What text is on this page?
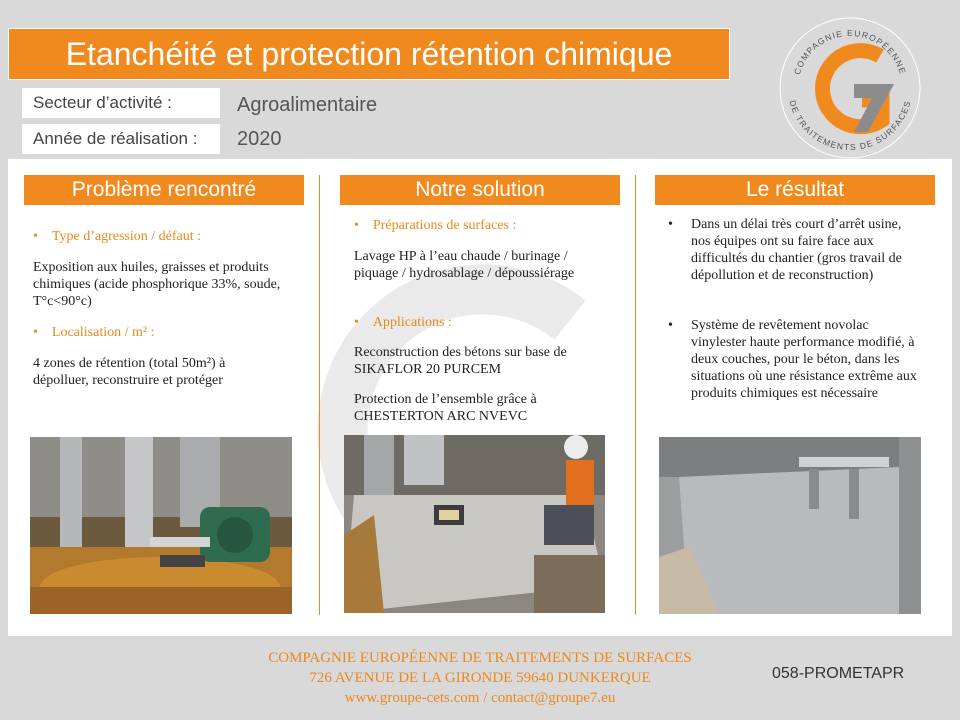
Etanchéité et protection rétention chimique
Secteur d’activité :	Agroalimentaire
Année de réalisation :	2020
COMPAGNIE EUROPÉENNE
DE TRAITEMENTS DE SURFACES
Problème rencontré	Notre solution	Le résultat
• Type d’agression / défaut :
Exposition aux huiles, graisses et produits chimiques (acide phosphorique 33%, soude, T°c<90°c)
• Localisation / m² :
4 zones de rétention (total 50m²) à dépolluer, reconstruire et protéger
• Préparations de surfaces :
Lavage HP à l’eau chaude / burinage / piquage / hydrosablage / dépoussiérage
• Applications :
Reconstruction des bétons sur base de SIKAFLOR 20 PURCEM
Protection de l’ensemble grâce à CHESTERTON ARC NVEVC
•	Dans un délai très court d’arrêt usine, nos équipes ont su faire face aux difficultés du chantier (gros travail de dépollution et de reconstruction)
•	Système de revêtement novolac vinylester haute performance modifié, à deux couches, pour le béton, dans les situations où une résistance extrême aux produits chimiques est nécessaire
COMPAGNIE EUROPÉENNE DE TRAITEMENTS DE SURFACES
726 AVENUE DE LA GIRONDE 59640 DUNKERQUE
www.groupe-cets.com / contact@groupe7.eu
058-PROMETAPR
